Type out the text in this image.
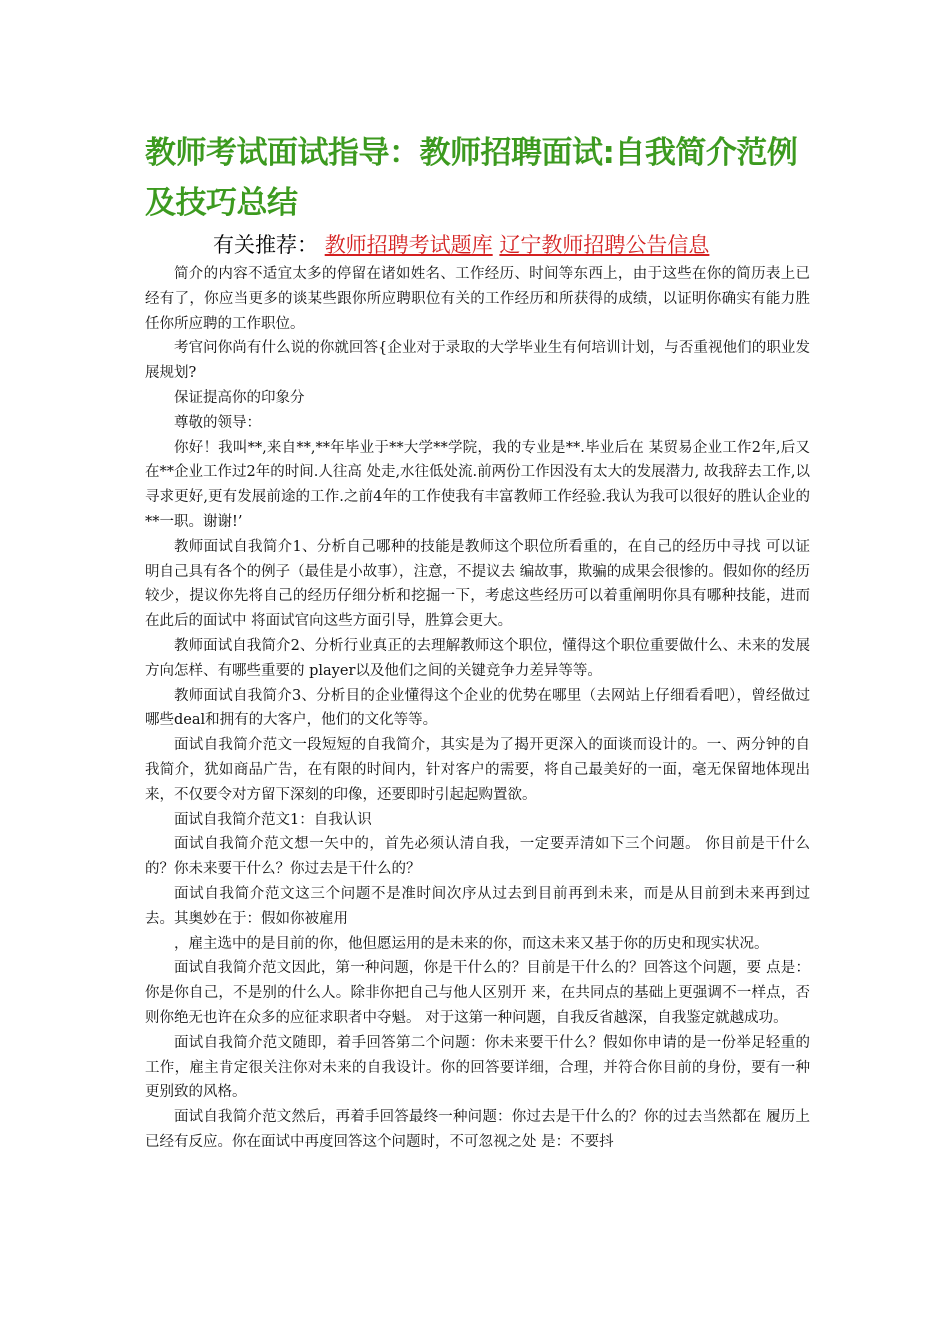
教师考试面试指导：教师招聘面试:自我简介范例及技巧总结
有关推荐： 教师招聘考试题库 辽宁教师招聘公告信息

简介的内容不适宜太多的停留在诸如姓名、工作经历、时间等东西上，由于这些在你的简历表上已经有了，你应当更多的谈某些跟你所应聘职位有关的工作经历和所获得的成绩，以证明你确实有能力胜任你所应聘的工作职位。

考官问你尚有什么说的你就回答{企业对于录取的大学毕业生有何培训计划，与否重视他们的职业发展规划?

保证提高你的印象分

尊敬的领导：

你好！我叫**,来自**,**年毕业于**大学**学院，我的专业是**.毕业后在 某贸易企业工作2年,后又在**企业工作过2年的时间.人往高 处走,水往低处流.前两份工作因没有太大的发展潜力, 故我辞去工作,以寻求更好,更有发展前途的工作.之前4年的工作使我有丰富教师工作经验.我认为我可以很好的胜认企业的**一职。谢谢!’

教师面试自我简介1、分析自己哪种的技能是教师这个职位所看重的，在自己的经历中寻找 可以证明自己具有各个的例子（最佳是小故事），注意，不提议去 编故事，欺骗的成果会很惨的。假如你的经历较少，提议你先将自己的经历仔细分析和挖掘一下，考虑这些经历可以着重阐明你具有哪种技能，进而在此后的面试中 将面试官向这些方面引导，胜算会更大。

教师面试自我简介2、分析行业真正的去理解教师这个职位，懂得这个职位重要做什么、未来的发展方向怎样、有哪些重要的 player以及他们之间的关键竞争力差异等等。

教师面试自我简介3、分析目的企业懂得这个企业的优势在哪里（去网站上仔细看看吧），曾经做过哪些deal和拥有的大客户，他们的文化等等。

面试自我简介范文一段短短的自我简介，其实是为了揭开更深入的面谈而设计的。一、两分钟的自我简介，犹如商品广告，在有限的时间内，针对客户的需要，将自己最美好的一面，毫无保留地体现出来，不仅要令对方留下深刻的印像，还要即时引起起购置欲。

面试自我简介范文1：自我认识

面试自我简介范文想一矢中的，首先必须认清自我，一定要弄清如下三个问题。 你目前是干什么的？你未来要干什么？你过去是干什么的？

面试自我简介范文这三个问题不是准时间次序从过去到目前再到未来，而是从目前到未来再到过去。其奥妙在于：假如你被雇用

，雇主选中的是目前的你，他但愿运用的是未来的你，而这未来又基于你的历史和现实状况。

面试自我简介范文因此，第一种问题，你是干什么的？目前是干什么的？回答这个问题，要 点是：你是你自己，不是别的什么人。除非你把自己与他人区别开 来，在共同点的基础上更强调不一样点，否则你绝无也许在众多的应征求职者中夺魁。 对于这第一种问题，自我反省越深，自我鉴定就越成功。

面试自我简介范文随即，着手回答第二个问题：你未来要干什么？假如你申请的是一份举足轻重的工作，雇主肯定很关注你对未来的自我设计。你的回答要详细，合理，并符合你目前的身份，要有一种更别致的风格。

面试自我简介范文然后，再着手回答最终一种问题：你过去是干什么的？你的过去当然都在 履历上已经有反应。你在面试中再度回答这个问题时，不可忽视之处 是：不要抖
